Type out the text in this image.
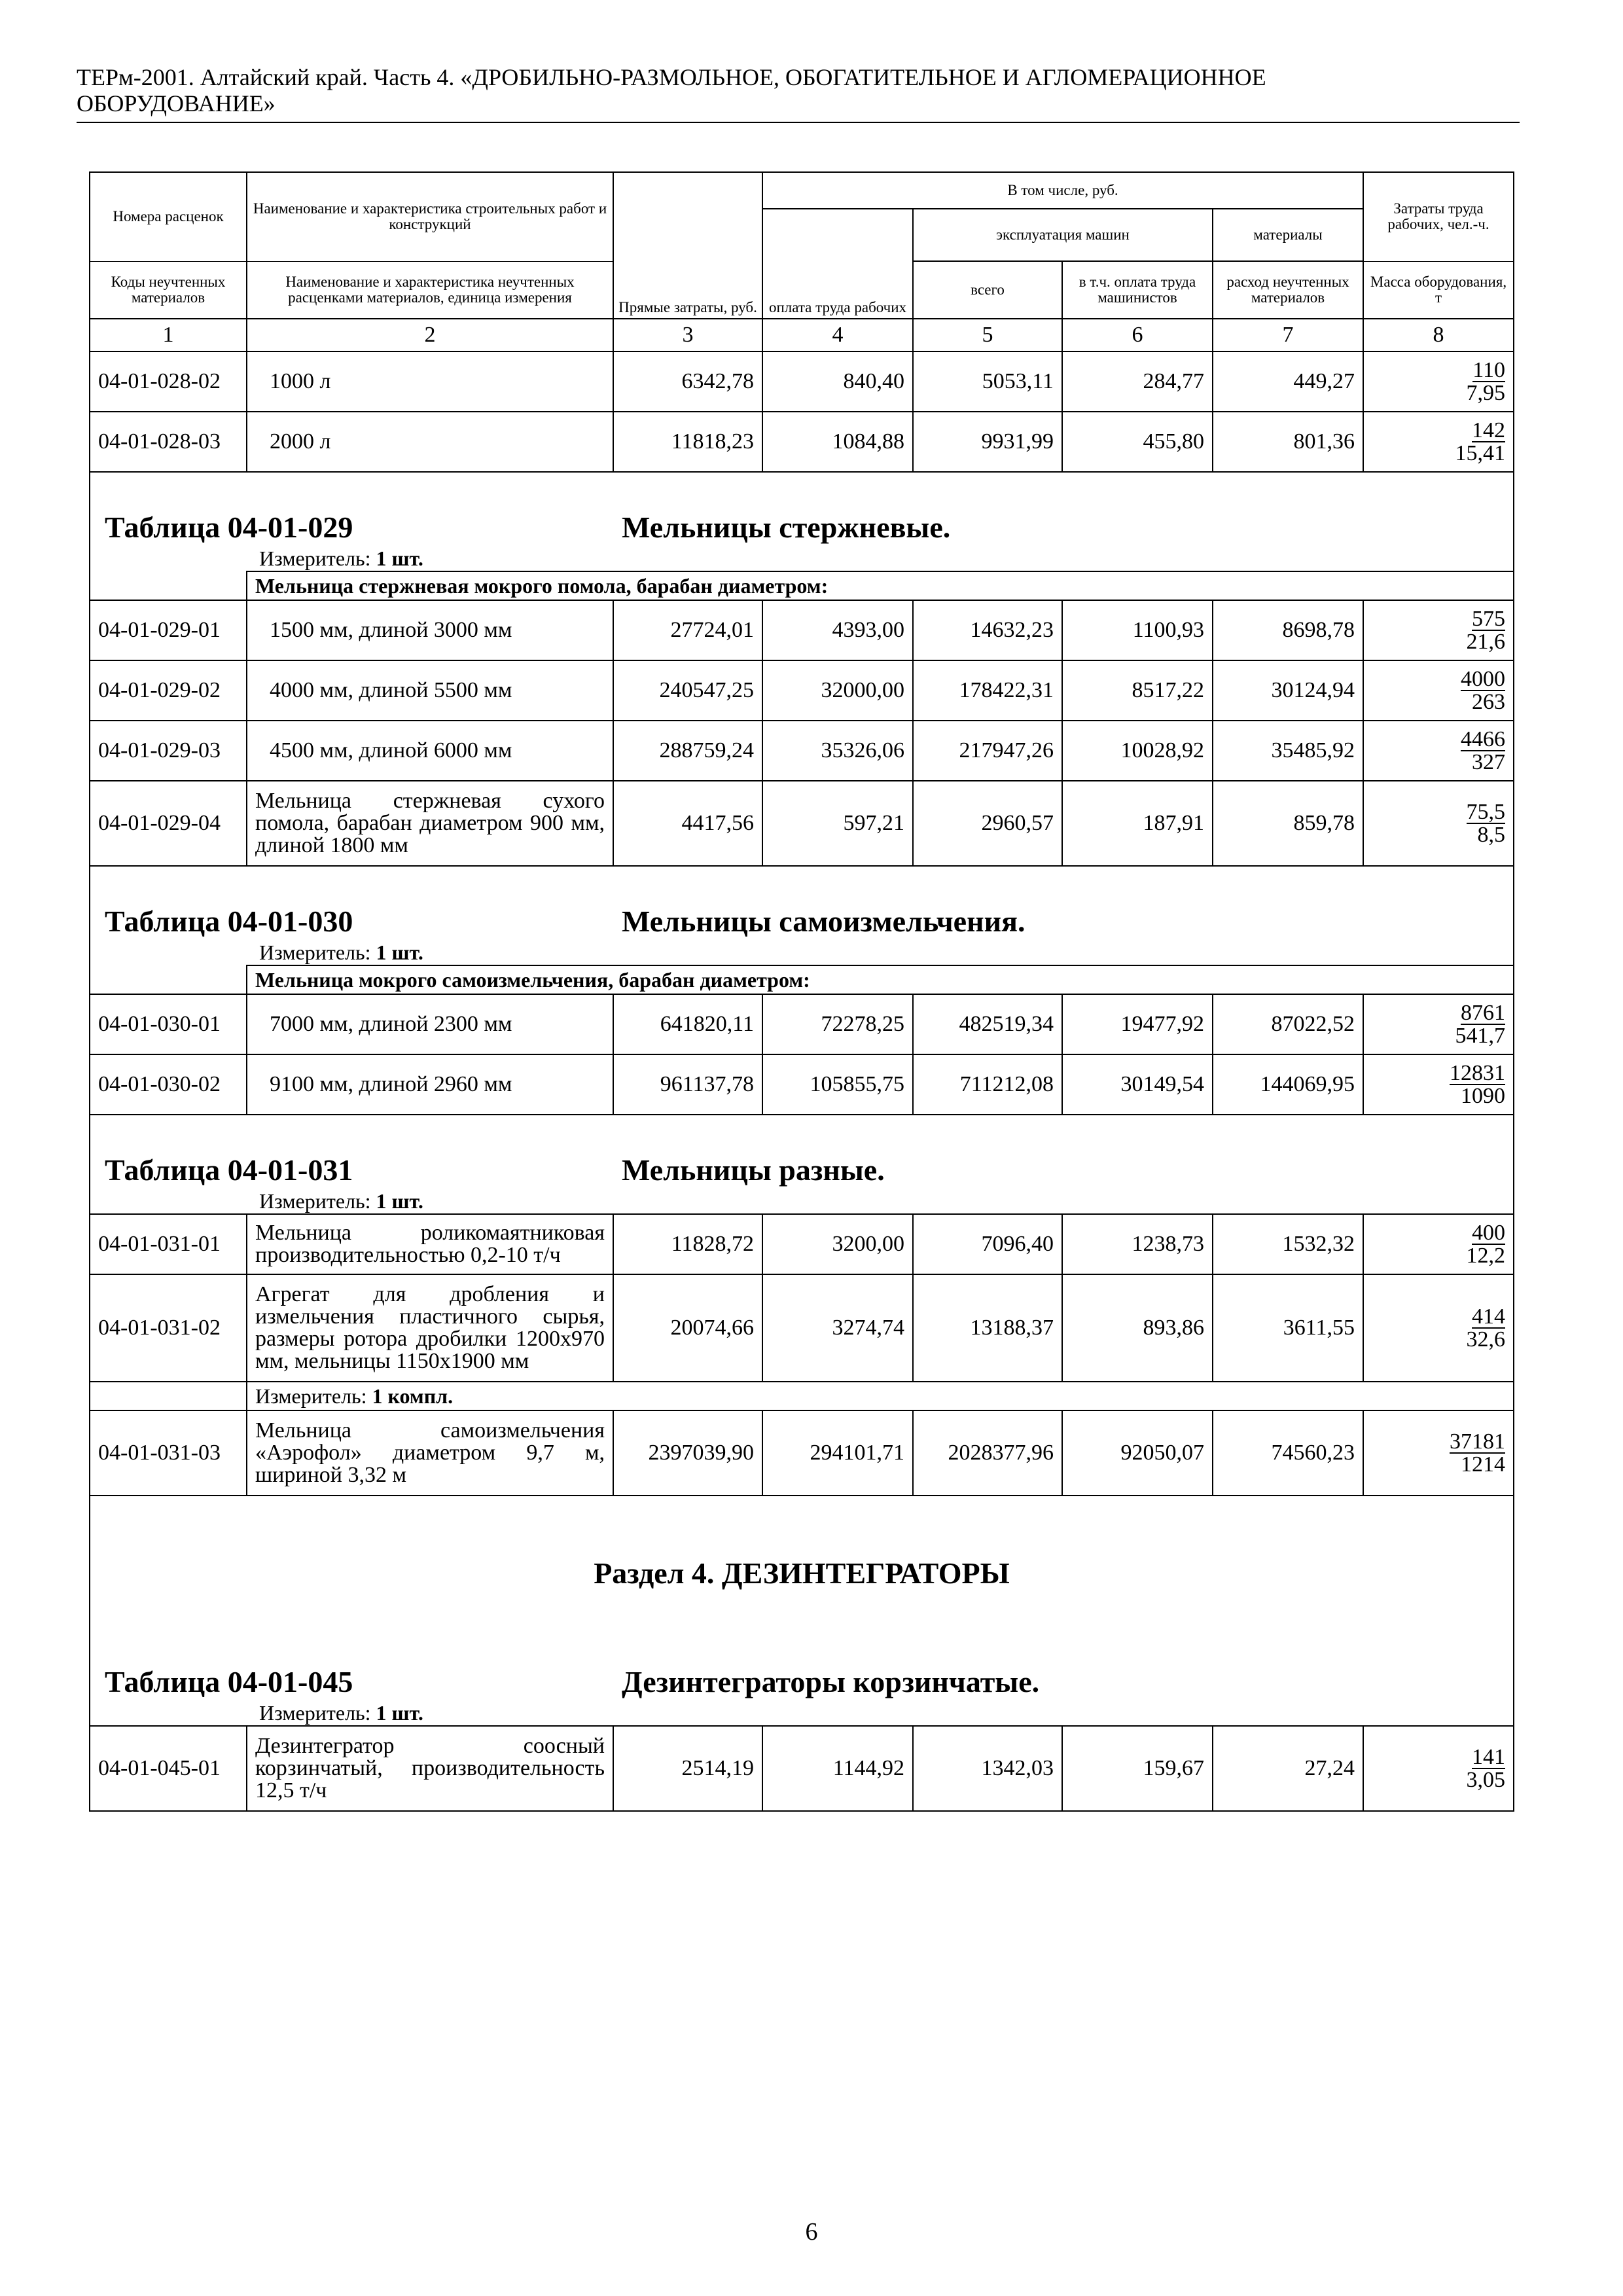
ТЕРм-2001. Алтайский край. Часть 4. «ДРОБИЛЬНО-РАЗМОЛЬНОЕ, ОБОГАТИТЕЛЬНОЕ И АГЛОМЕРАЦИОННОЕ
ОБОРУДОВАНИЕ»
Номера расценок	Наименование и характеристика строительных работ и конструкций	Прямые затраты, руб.	В том числе, руб.				Затраты труда рабочих, чел.-ч.
			оплата труда рабочих	эксплуатация машин		материалы	
Коды неучтенных материалов	Наименование и характеристика неучтенных расценками материалов, единица измерения			всего	в т.ч. оплата труда машинистов	расход неучтенных материалов	Масса оборудования, т
1	2	3	4	5	6	7	8
04-01-028-02	1000 л	6342,78	840,40	5053,11	284,77	449,27	110
7,95

04-01-028-03	2000 л	11818,23	1084,88	9931,99	455,80	801,36	142
15,41

Таблица 04-01-029 Мельницы стержневые.
Измеритель: 1 шт.							

	Мельница стержневая мокрого помола, барабан диаметром:						
04-01-029-01	1500 мм, длиной 3000 мм	27724,01	4393,00	14632,23	1100,93	8698,78	575
21,6

04-01-029-02	4000 мм, длиной 5500 мм	240547,25	32000,00	178422,31	8517,22	30124,94	4000
263

04-01-029-03	4500 мм, длиной 6000 мм	288759,24	35326,06	217947,26	10028,92	35485,92	4466
327

04-01-029-04	Мельница стержневая сухого помола, барабан диаметром 900 мм, длиной 1800 мм	4417,56	597,21	2960,57	187,91	859,78	75,5
8,5

Таблица 04-01-030 Мельницы самоизмельчения.
Измеритель: 1 шт.							

	Мельница мокрого самоизмельчения, барабан диаметром:						
04-01-030-01	7000 мм, длиной 2300 мм	641820,11	72278,25	482519,34	19477,92	87022,52	8761
541,7

04-01-030-02	9100 мм, длиной 2960 мм	961137,78	105855,75	711212,08	30149,54	144069,95	12831
1090

Таблица 04-01-031 Мельницы разные.
Измеритель: 1 шт.							

04-01-031-01	Мельница роликомаятниковая производительностью 0,2-10 т/ч	11828,72	3200,00	7096,40	1238,73	1532,32	400
12,2

04-01-031-02	Агрегат для дробления и измельчения пластичного сырья, размеры ротора дробилки 1200x970 мм, мельницы 1150x1900 мм	20074,66	3274,74	13188,37	893,86	3611,55	414
32,6

	Измеритель: 1 компл.						
04-01-031-03	Мельница самоизмельчения «Аэрофол» диаметром 9,7 м, шириной 3,32 м	2397039,90	294101,71	2028377,96	92050,07	74560,23	37181
1214

Раздел 4. ДЕЗИНТЕГРАТОРЫ
Таблица 04-01-045 Дезинтеграторы корзинчатые.
Измеритель: 1 шт.							

04-01-045-01	Дезинтегратор соосный корзинчатый, производительность 12,5 т/ч	2514,19	1144,92	1342,03	159,67	27,24	141
3,05
6
